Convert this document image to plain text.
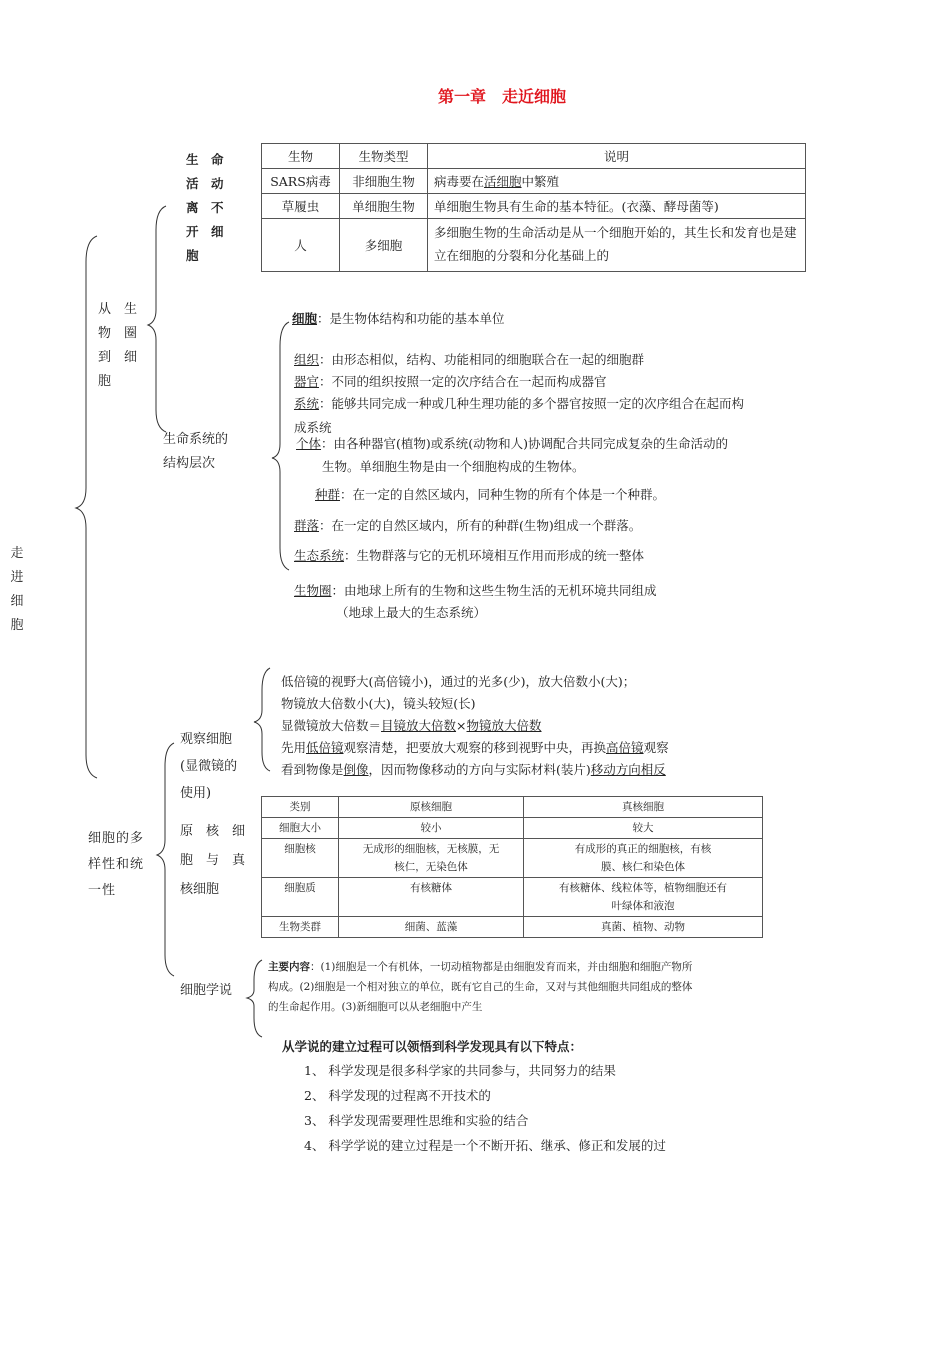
第一章　走近细胞
走
进
细
胞
从　生
物　圈
到　细
胞
生　命
活　动
离　不
开　细
胞
生物	生物类型	说明
SARS病毒	非细胞生物	病毒要在活细胞中繁殖
草履虫	单细胞生物	单细胞生物具有生命的基本特征。(衣藻、酵母菌等)
人	多细胞	多细胞生物的生命活动是从一个细胞开始的，其生长和发育也是建立在细胞的分裂和分化基础上的
细胞：是生物体结构和功能的基本单位
生命系统的
结构层次
组织：由形态相似，结构、功能相同的细胞联合在一起的细胞群
器官：不同的组织按照一定的次序结合在一起而构成器官
系统：能够共同完成一种或几种生理功能的多个器官按照一定的次序组合在起而构
成系统
个体：由各种器官(植物)或系统(动物和人)协调配合共同完成复杂的生命活动的
生物。单细胞生物是由一个细胞构成的生物体。
种群：在一定的自然区域内，同种生物的所有个体是一个种群。
群落：在一定的自然区域内，所有的种群(生物)组成一个群落。
生态系统：生物群落与它的无机环境相互作用而形成的统一整体
生物圈：由地球上所有的生物和这些生物生活的无机环境共同组成
（地球上最大的生态系统）
细胞的多
样性和统
一性
观察细胞
(显微镜的
使用)
低倍镜的视野大(高倍镜小)，通过的光多(少)，放大倍数小(大)；
物镜放大倍数小(大)，镜头较短(长)
显微镜放大倍数＝目镜放大倍数×物镜放大倍数
先用低倍镜观察清楚，把要放大观察的移到视野中央，再换高倍镜观察
看到物像是倒像，因而物像移动的方向与实际材料(装片)移动方向相反
原　核　细
胞　与　真
核细胞
类别	原核细胞	真核细胞
细胞大小	较小	较大
细胞核	无成形的细胞核，无核膜，无核仁，无染色体	有成形的真正的细胞核，有核膜、核仁和染色体
细胞质	有核糖体	有核糖体、线粒体等，植物细胞还有叶绿体和液泡
生物类群	细菌、蓝藻	真菌、植物、动物
细胞学说
主要内容：(1)细胞是一个有机体，一切动植物都是由细胞发育而来，并由细胞和细胞产物所
构成。(2)细胞是一个相对独立的单位，既有它自己的生命，又对与其他细胞共同组成的整体
的生命起作用。(3)新细胞可以从老细胞中产生
从学说的建立过程可以领悟到科学发现具有以下特点：
1、 科学发现是很多科学家的共同参与，共同努力的结果
2、 科学发现的过程离不开技术的
3、 科学发现需要理性思维和实验的结合
4、 科学学说的建立过程是一个不断开拓、继承、修正和发展的过
